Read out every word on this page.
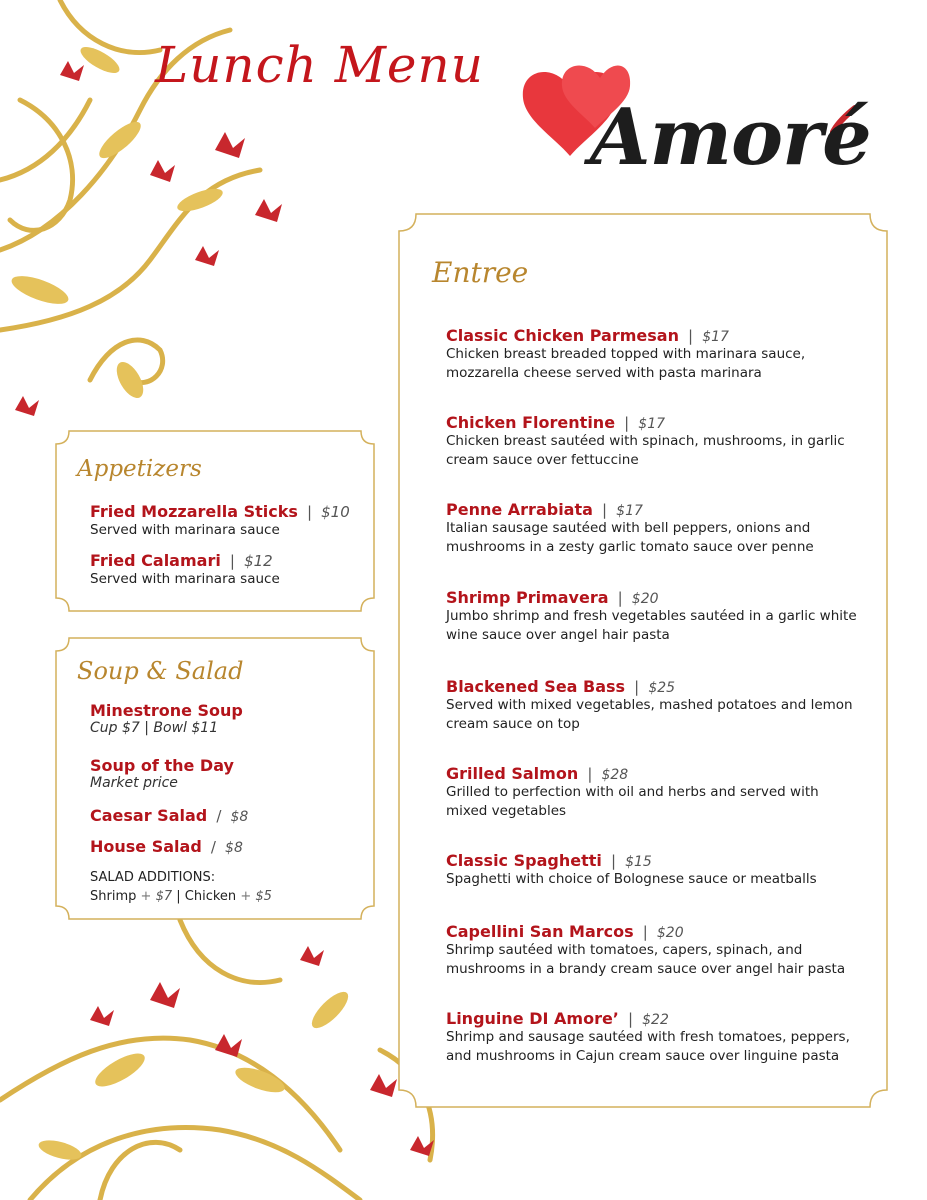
Lunch Menu
Amoré
Appetizers
Fried Mozzarella Sticks | $10
Served with marinara sauce
Fried Calamari | $12
Served with marinara sauce
Soup & Salad
Minestrone Soup
Cup $7 | Bowl $11
Soup of the Day
Market price
Caesar Salad / $8
House Salad / $8
SALAD ADDITIONS:
Shrimp + $7 | Chicken + $5
Entree
Classic Chicken Parmesan | $17
Chicken breast breaded topped with marinara sauce,
mozzarella cheese served with pasta marinara
Chicken Florentine | $17
Chicken breast sautéed with spinach, mushrooms, in garlic
cream sauce over fettuccine
Penne Arrabiata | $17
Italian sausage sautéed with bell peppers, onions and
mushrooms in a zesty garlic tomato sauce over penne
Shrimp Primavera | $20
Jumbo shrimp and fresh vegetables sautéed in a garlic white
wine sauce over angel hair pasta
Blackened Sea Bass | $25
Served with mixed vegetables, mashed potatoes and lemon
cream sauce on top
Grilled Salmon | $28
Grilled to perfection with oil and herbs and served with
mixed vegetables
Classic Spaghetti | $15
Spaghetti with choice of Bolognese sauce or meatballs
Capellini San Marcos | $20
Shrimp sautéed with tomatoes, capers, spinach, and
mushrooms in a brandy cream sauce over angel hair pasta
Linguine DI Amore’ | $22
Shrimp and sausage sautéed with fresh tomatoes, peppers,
and mushrooms in Cajun cream sauce over linguine pasta
